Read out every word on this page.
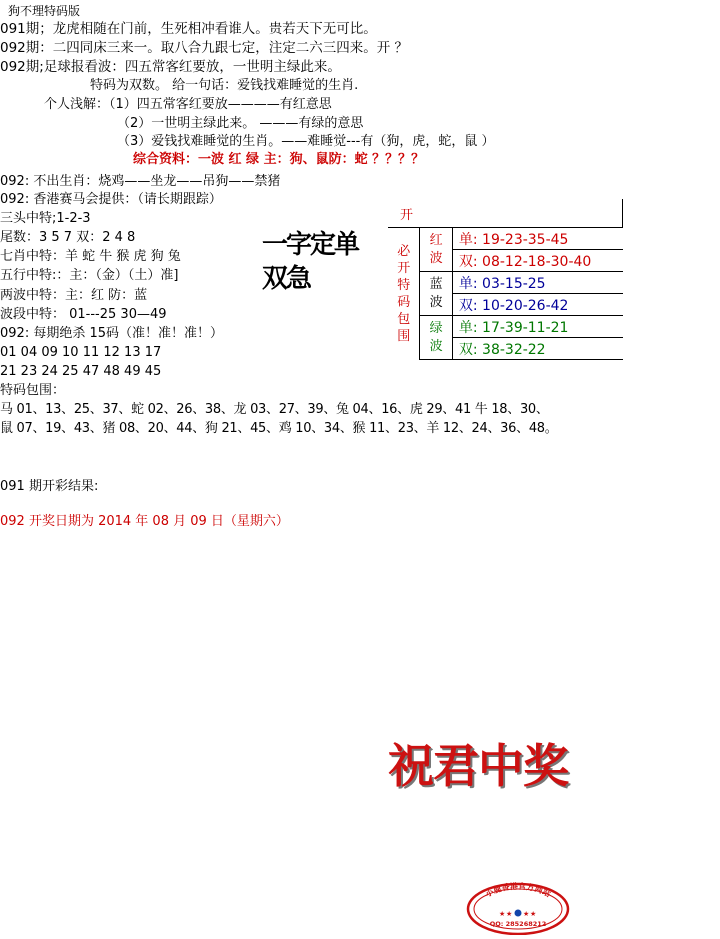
狗不理特码版
091期；龙虎相随在门前，生死相冲看谁人。贵若天下无可比。
092期：二四同床三来一。取八合九跟七定，注定二六三四来。开 ？
092期;足球报看波：四五常客红要放，一世明主绿此来。
特码为双数。 给一句话：爱钱找难睡觉的生肖.
个人浅解：（1）四五常客红要放————有红意思
（2）一世明主绿此来。 ———有绿的意思
（3）爱钱找难睡觉的生肖。——难睡觉---有（狗，虎，蛇，鼠 ）
综合资料：一波 红 绿 主：狗、鼠防：蛇 ？？？？
092: 不出生肖：烧鸡——坐龙——吊狗——禁猪
092: 香港赛马会提供：（请长期跟踪）
三头中特;1-2-3
尾数：3 5 7 双：2 4 8
七肖中特：羊 蛇 牛 猴 虎 狗 兔
五行中特:：主：（金）（土）准]
两波中特：主：红 防：蓝
波段中特： 01---25 30—49
092: 每期绝杀 15码（准！准！准！）
01 04 09 10 11 12 13 17
21 23 24 25 47 48 49 45
特码包围：
马 01、13、25、37、蛇 02、26、38、龙 03、27、39、兔 04、16、虎 29、41 牛 18、30、
鼠 07、19、43、猪 08、20、44、狗 21、45、鸡 10、34、猴 11、23、羊 12、24、36、48。
091 期开彩结果:
092 开奖日期为 2014 年 08 月 09 日（星期六）
一字定单双急
开		

必开特码包围	红波	单: 19-23-35-45
		双: 08-12-18-30-40

	蓝波	单: 03-15-25
		双: 10-20-26-42

	绿波	单: 17-39-11-21
		双: 38-32-22
祝君中奖
小鹿香港官方网站
★ ★ ★ ★
QQ: 285268212
